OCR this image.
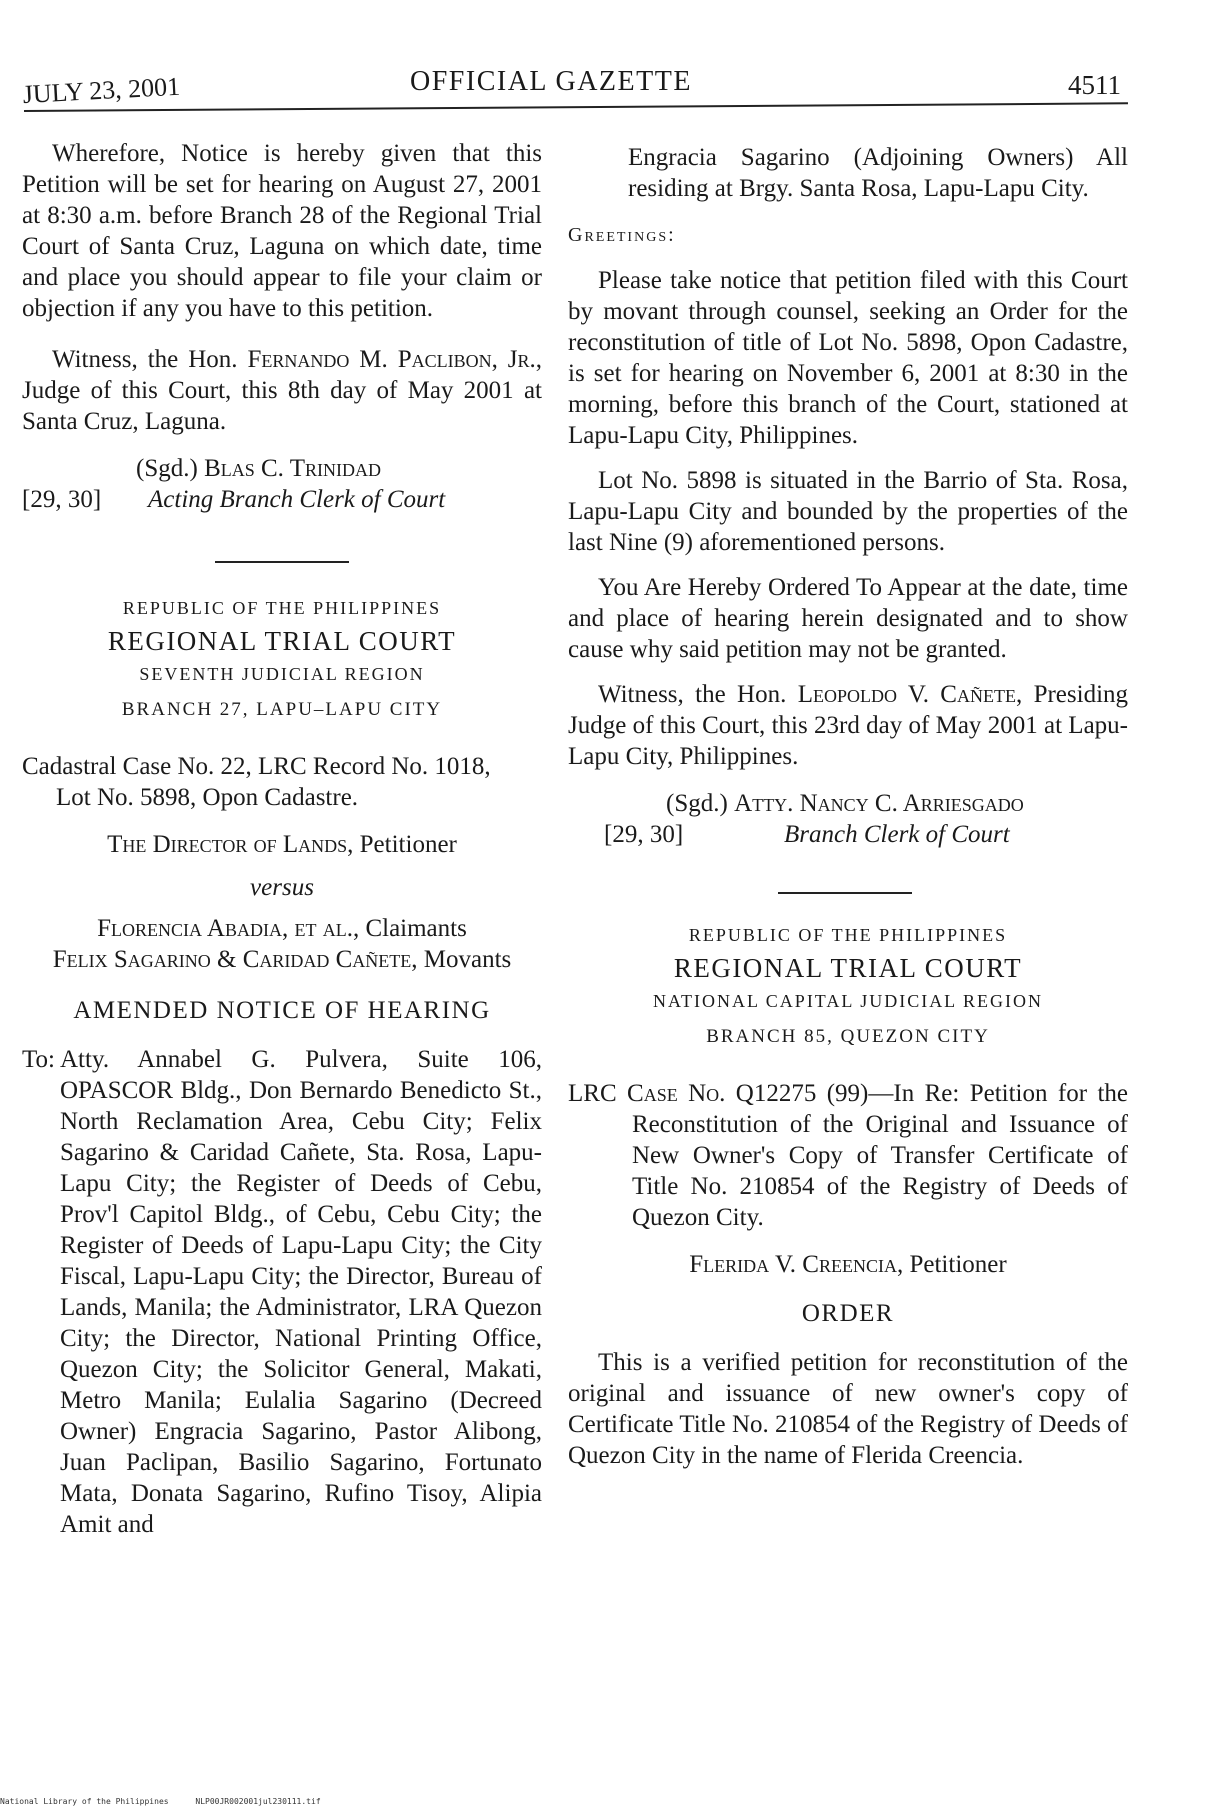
JULY 23, 2001	OFFICIAL GAZETTE	4511

Wherefore, Notice is hereby given that this Petition will be set for hearing on August 27, 2001 at 8:30 a.m. before Branch 28 of the Regional Trial Court of Santa Cruz, Laguna on which date, time and place you should appear to file your claim or objection if any you have to this petition.

Witness, the Hon. Fernando M. Paclibon, Jr., Judge of this Court, this 8th day of May 2001 at Santa Cruz, Laguna.

(Sgd.) Blas C. Trinidad
[29, 30] Acting Branch Clerk of Court
REPUBLIC OF THE PHILIPPINES
REGIONAL TRIAL COURT
SEVENTH JUDICIAL REGION
BRANCH 27, LAPU–LAPU CITY
Cadastral Case No. 22, LRC Record No. 1018,
Lot No. 5898, Opon Cadastre.
The Director of Lands, Petitioner
versus
Florencia Abadia, et al., Claimants
Felix Sagarino & Caridad Cañete, Movants
AMENDED NOTICE OF HEARING
To: Atty. Annabel G. Pulvera, Suite 106, OPASCOR Bldg., Don Bernardo Benedicto St., North Reclamation Area, Cebu City; Felix Sagarino & Caridad Cañete, Sta. Rosa, Lapu-Lapu City; the Register of Deeds of Cebu, Prov'l Capitol Bldg., of Cebu, Cebu City; the Register of Deeds of Lapu-Lapu City; the City Fiscal, Lapu-Lapu City; the Director, Bureau of Lands, Manila; the Administrator, LRA Quezon City; the Director, National Printing Office, Quezon City; the Solicitor General, Makati, Metro Manila; Eulalia Sagarino (Decreed Owner) Engracia Sagarino, Pastor Alibong, Juan Paclipan, Basilio Sagarino, Fortunato Mata, Donata Sagarino, Rufino Tisoy, Alipia Amit and

Engracia Sagarino (Adjoining Owners) All residing at Brgy. Santa Rosa, Lapu-Lapu City.

Greetings:

Please take notice that petition filed with this Court by movant through counsel, seeking an Order for the reconstitution of title of Lot No. 5898, Opon Cadastre, is set for hearing on November 6, 2001 at 8:30 in the morning, before this branch of the Court, stationed at Lapu-Lapu City, Philippines.

Lot No. 5898 is situated in the Barrio of Sta. Rosa, Lapu-Lapu City and bounded by the properties of the last Nine (9) aforementioned persons.

You Are Hereby Ordered To Appear at the date, time and place of hearing herein designated and to show cause why said petition may not be granted.

Witness, the Hon. Leopoldo V. Cañete, Presiding Judge of this Court, this 23rd day of May 2001 at Lapu-Lapu City, Philippines.

(Sgd.) Atty. Nancy C. Arriesgado
[29, 30]	Branch Clerk of Court
REPUBLIC OF THE PHILIPPINES
REGIONAL TRIAL COURT
NATIONAL CAPITAL JUDICIAL REGION
BRANCH 85, QUEZON CITY

LRC Case No. Q12275 (99)—In Re: Petition for the Reconstitution of the Original and Issuance of New Owner's Copy of Transfer Certificate of Title No. 210854 of the Registry of Deeds of Quezon City.

Flerida V. Creencia, Petitioner
ORDER

This is a verified petition for reconstitution of the original and issuance of new owner's copy of Certificate Title No. 210854 of the Registry of Deeds of Quezon City in the name of Flerida Creencia.

National Library of the Philippines	NLP00JR002001jul230111.tif
